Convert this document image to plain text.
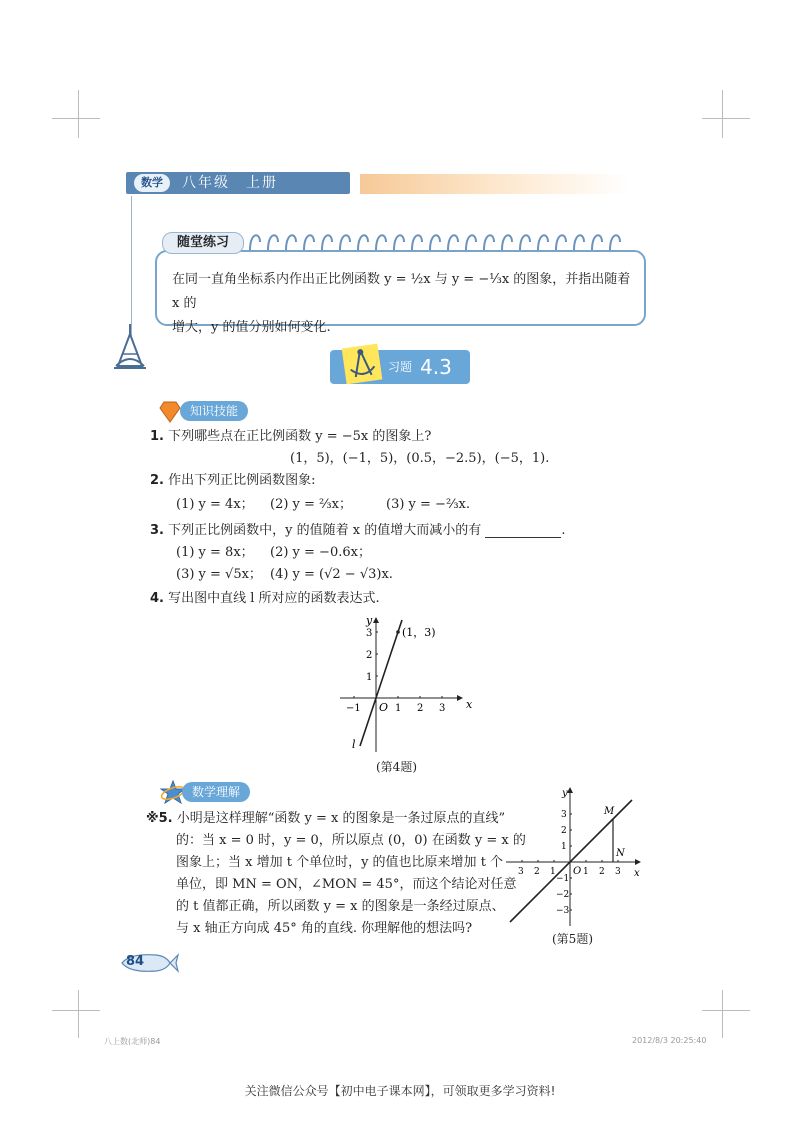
数学	八年级　上册
随堂练习
在同一直角坐标系内作出正比例函数 y = ½x 与 y = −⅓x 的图象，并指出随着 x 的
增大，y 的值分别如何变化.
习题 4.3
知识技能
1. 下列哪些点在正比例函数 y = −5x 的图象上?
(1，5)，(−1，5)，(0.5，−2.5)，(−5，1).
2. 作出下列正比例函数图象:
(1) y = 4x； (2) y = ⅔x；	(3) y = −⅔x.
3. 下列正比例函数中，y 的值随着 x 的值增大而减小的有	.
(1) y = 8x； (2) y = −0.6x；
(3) y = √5x； (4) y = (√2 − √3)x.
4. 写出图中直线 l 所对应的函数表达式.
(1，3)
x
y
O
l
−1	1 2 3
1
2
3
(第4题)
数学理解
※5. 小明是这样理解“函数 y = x 的图象是一条过原点的直线”
的：当 x = 0 时，y = 0，所以原点 (0，0) 在函数 y = x 的
图象上；当 x 增加 t 个单位时，y 的值也比原来增加 t 个
单位，即 MN = ON，∠MON = 45°，而这个结论对任意
的 t 值都正确，所以函数 y = x 的图象是一条经过原点、
与 x 轴正方向成 45° 角的直线. 你理解他的想法吗?
M
N
x
y
O
3 2 1	1 2 3
3
2
1
−1
−2
−3
(第5题)
84
八上数(北师)84	2012/8/3 20:25:40
关注微信公众号【初中电子课本网】，可领取更多学习资料!
